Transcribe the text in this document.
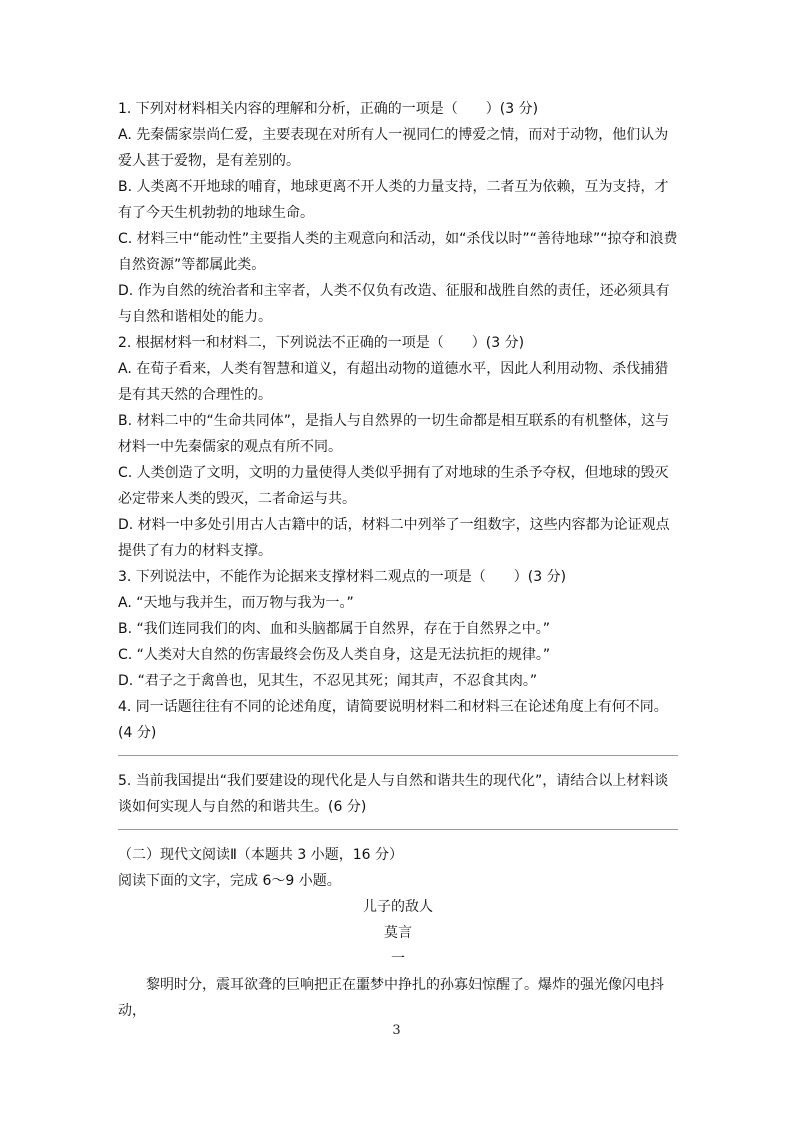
1. 下列对材料相关内容的理解和分析，正确的一项是（　　）(3 分)

A. 先秦儒家崇尚仁爱，主要表现在对所有人一视同仁的博爱之情，而对于动物，他们认为爱人甚于爱物，是有差别的。

B. 人类离不开地球的哺育，地球更离不开人类的力量支持，二者互为依赖，互为支持，才有了今天生机勃勃的地球生命。

C. 材料三中“能动性”主要指人类的主观意向和活动，如“杀伐以时”“善待地球”“掠夺和浪费自然资源”等都属此类。

D. 作为自然的统治者和主宰者，人类不仅负有改造、征服和战胜自然的责任，还必须具有与自然和谐相处的能力。

2. 根据材料一和材料二，下列说法不正确的一项是（　　）(3 分)

A. 在荀子看来，人类有智慧和道义，有超出动物的道德水平，因此人利用动物、杀伐捕猎是有其天然的合理性的。

B. 材料二中的“生命共同体”，是指人与自然界的一切生命都是相互联系的有机整体，这与材料一中先秦儒家的观点有所不同。

C. 人类创造了文明，文明的力量使得人类似乎拥有了对地球的生杀予夺权，但地球的毁灭必定带来人类的毁灭，二者命运与共。

D. 材料一中多处引用古人古籍中的话，材料二中列举了一组数字，这些内容都为论证观点提供了有力的材料支撑。

3. 下列说法中，不能作为论据来支撑材料二观点的一项是（　　）(3 分)

A. “天地与我并生，而万物与我为一。”

B. “我们连同我们的肉、血和头脑都属于自然界，存在于自然界之中。”

C. “人类对大自然的伤害最终会伤及人类自身，这是无法抗拒的规律。”

D. “君子之于禽兽也，见其生，不忍见其死；闻其声，不忍食其肉。”

4. 同一话题往往有不同的论述角度，请简要说明材料二和材料三在论述角度上有何不同。(4 分)

5. 当前我国提出“我们要建设的现代化是人与自然和谐共生的现代化”，请结合以上材料谈谈如何实现人与自然的和谐共生。(6 分)

（二）现代文阅读Ⅱ（本题共 3 小题，16 分）

阅读下面的文字，完成 6～9 小题。

儿子的敌人

莫言

一

黎明时分，震耳欲聋的巨响把正在噩梦中挣扎的孙寡妇惊醒了。爆炸的强光像闪电抖动，

3
